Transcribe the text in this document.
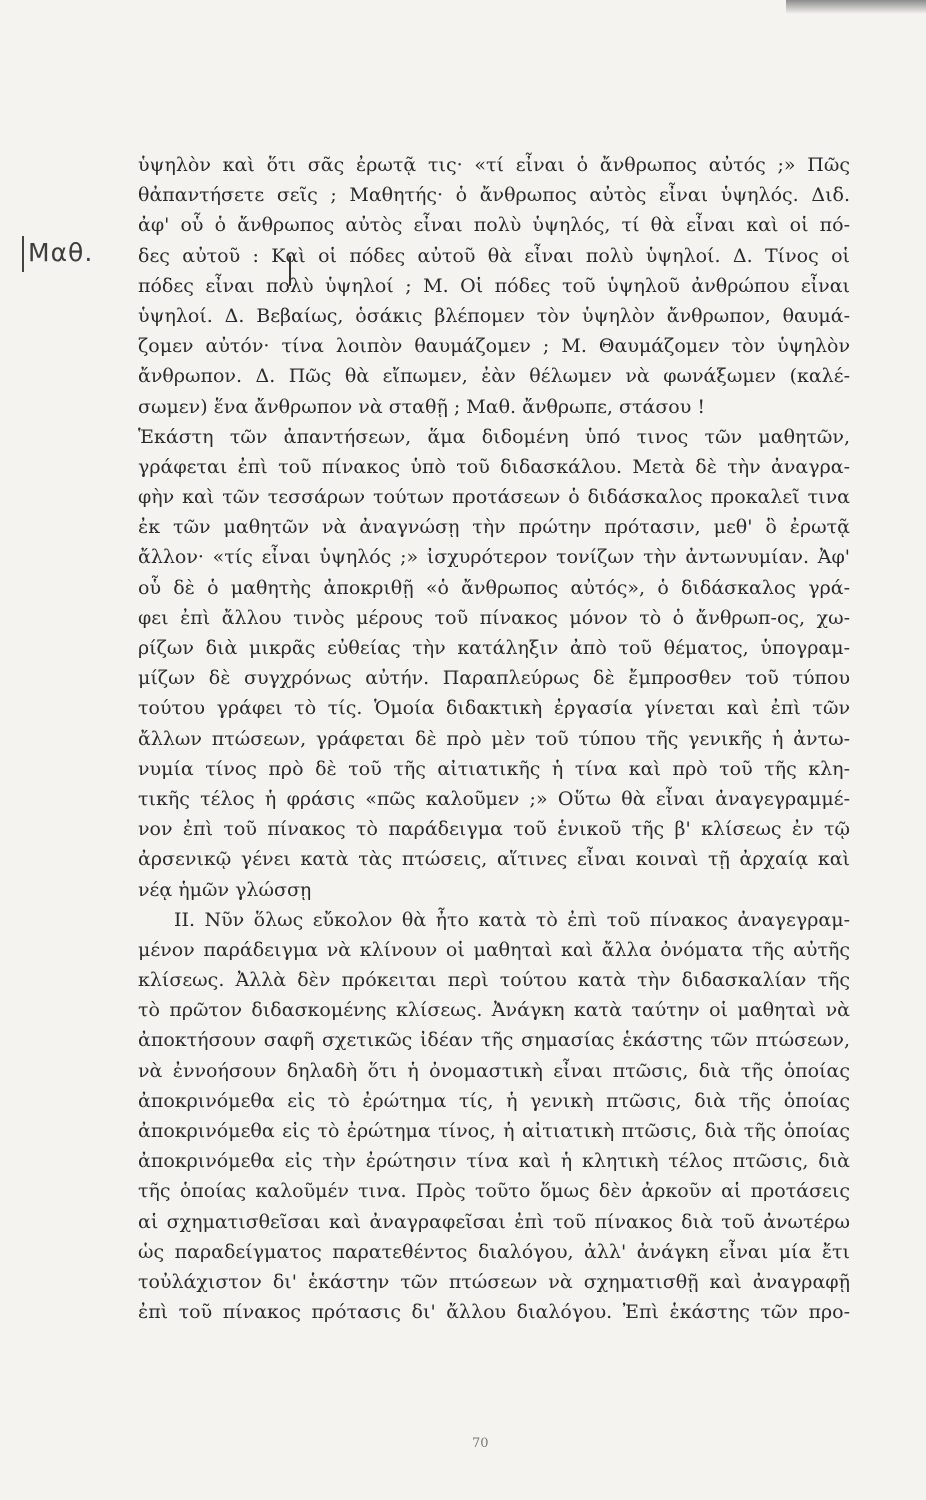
Μαθ.
ὑψηλὸν καὶ ὅτι σᾶς ἐρωτᾷ τις· «τί εἶναι ὁ ἄνθρωπος αὐτός ;» Πῶς
θἀπαντήσετε σεῖς ; Μαθητής· ὁ ἄνθρωπος αὐτὸς εἶναι ὑψηλός. Διδ.
ἀφ' οὗ ὁ ἄνθρωπος αὐτὸς εἶναι πολὺ ὑψηλός, τί θὰ εἶναι καὶ οἱ πό-
δες αὐτοῦ : Καὶ οἱ πόδες αὐτοῦ θὰ εἶναι πολὺ ὑψηλοί. Δ. Τίνος οἱ
πόδες εἶναι πολὺ ὑψηλοί ; Μ. Οἱ πόδες τοῦ ὑψηλοῦ ἀνθρώπου εἶναι
ὑψηλοί. Δ. Βεβαίως, ὁσάκις βλέπομεν τὸν ὑψηλὸν ἄνθρωπον, θαυμά-
ζομεν αὐτόν· τίνα λοιπὸν θαυμάζομεν ; Μ. Θαυμάζομεν τὸν ὑψηλὸν
ἄνθρωπον. Δ. Πῶς θὰ εἴπωμεν, ἐὰν θέλωμεν νὰ φωνάξωμεν (καλέ-
σωμεν) ἕνα ἄνθρωπον νὰ σταθῇ ; Μαθ. ἄνθρωπε, στάσου !
Ἑκάστη τῶν ἀπαντήσεων, ἅμα διδομένη ὑπό τινος τῶν μαθητῶν,
γράφεται ἐπὶ τοῦ πίνακος ὑπὸ τοῦ διδασκάλου. Μετὰ δὲ τὴν ἀναγρα-
φὴν καὶ τῶν τεσσάρων τούτων προτάσεων ὁ διδάσκαλος προκαλεῖ τινα
ἐκ τῶν μαθητῶν νὰ ἀναγνώσῃ τὴν πρώτην πρότασιν, μεθ' ὃ ἐρωτᾷ
ἄλλον· «τίς εἶναι ὑψηλός ;» ἰσχυρότερον τονίζων τὴν ἀντωνυμίαν. Ἀφ'
οὗ δὲ ὁ μαθητὴς ἀποκριθῇ «ὁ ἄνθρωπος αὐτός», ὁ διδάσκαλος γρά-
φει ἐπὶ ἄλλου τινὸς μέρους τοῦ πίνακος μόνον τὸ ὁ ἄνθρωπ-ος, χω-
ρίζων διὰ μικρᾶς εὐθείας τὴν κατάληξιν ἀπὸ τοῦ θέματος, ὑπογραμ-
μίζων δὲ συγχρόνως αὐτήν. Παραπλεύρως δὲ ἔμπροσθεν τοῦ τύπου
τούτου γράφει τὸ τίς. Ὁμοία διδακτικὴ ἐργασία γίνεται καὶ ἐπὶ τῶν
ἄλλων πτώσεων, γράφεται δὲ πρὸ μὲν τοῦ τύπου τῆς γενικῆς ἡ ἀντω-
νυμία τίνος πρὸ δὲ τοῦ τῆς αἰτιατικῆς ἡ τίνα καὶ πρὸ τοῦ τῆς κλη-
τικῆς τέλος ἡ φράσις «πῶς καλοῦμεν ;» Οὕτω θὰ εἶναι ἀναγεγραμμέ-
νον ἐπὶ τοῦ πίνακος τὸ παράδειγμα τοῦ ἑνικοῦ τῆς β' κλίσεως ἐν τῷ
ἀρσενικῷ γένει κατὰ τὰς πτώσεις, αἵτινες εἶναι κοιναὶ τῇ ἀρχαίᾳ καὶ
νέᾳ ἡμῶν γλώσσῃ
II. Νῦν ὅλως εὔκολον θὰ ἦτο κατὰ τὸ ἐπὶ τοῦ πίνακος ἀναγεγραμ-
μένον παράδειγμα νὰ κλίνουν οἱ μαθηταὶ καὶ ἄλλα ὀνόματα τῆς αὐτῆς
κλίσεως. Ἀλλὰ δὲν πρόκειται περὶ τούτου κατὰ τὴν διδασκαλίαν τῆς
τὸ πρῶτον διδασκομένης κλίσεως. Ἀνάγκη κατὰ ταύτην οἱ μαθηταὶ νὰ
ἀποκτήσουν σαφῆ σχετικῶς ἰδέαν τῆς σημασίας ἑκάστης τῶν πτώσεων,
νὰ ἐννοήσουν δηλαδὴ ὅτι ἡ ὀνομαστικὴ εἶναι πτῶσις, διὰ τῆς ὁποίας
ἀποκρινόμεθα εἰς τὸ ἐρώτημα τίς, ἡ γενικὴ πτῶσις, διὰ τῆς ὁποίας
ἀποκρινόμεθα εἰς τὸ ἐρώτημα τίνος, ἡ αἰτιατικὴ πτῶσις, διὰ τῆς ὁποίας
ἀποκρινόμεθα εἰς τὴν ἐρώτησιν τίνα καὶ ἡ κλητικὴ τέλος πτῶσις, διὰ
τῆς ὁποίας καλοῦμέν τινα. Πρὸς τοῦτο ὅμως δὲν ἀρκοῦν αἱ προτάσεις
αἱ σχηματισθεῖσαι καὶ ἀναγραφεῖσαι ἐπὶ τοῦ πίνακος διὰ τοῦ ἀνωτέρω
ὡς παραδείγματος παρατεθέντος διαλόγου, ἀλλ' ἀνάγκη εἶναι μία ἔτι
τοὐλάχιστον δι' ἑκάστην τῶν πτώσεων νὰ σχηματισθῇ καὶ ἀναγραφῇ
ἐπὶ τοῦ πίνακος πρότασις δι' ἄλλου διαλόγου. Ἐπὶ ἑκάστης τῶν προ-
70
